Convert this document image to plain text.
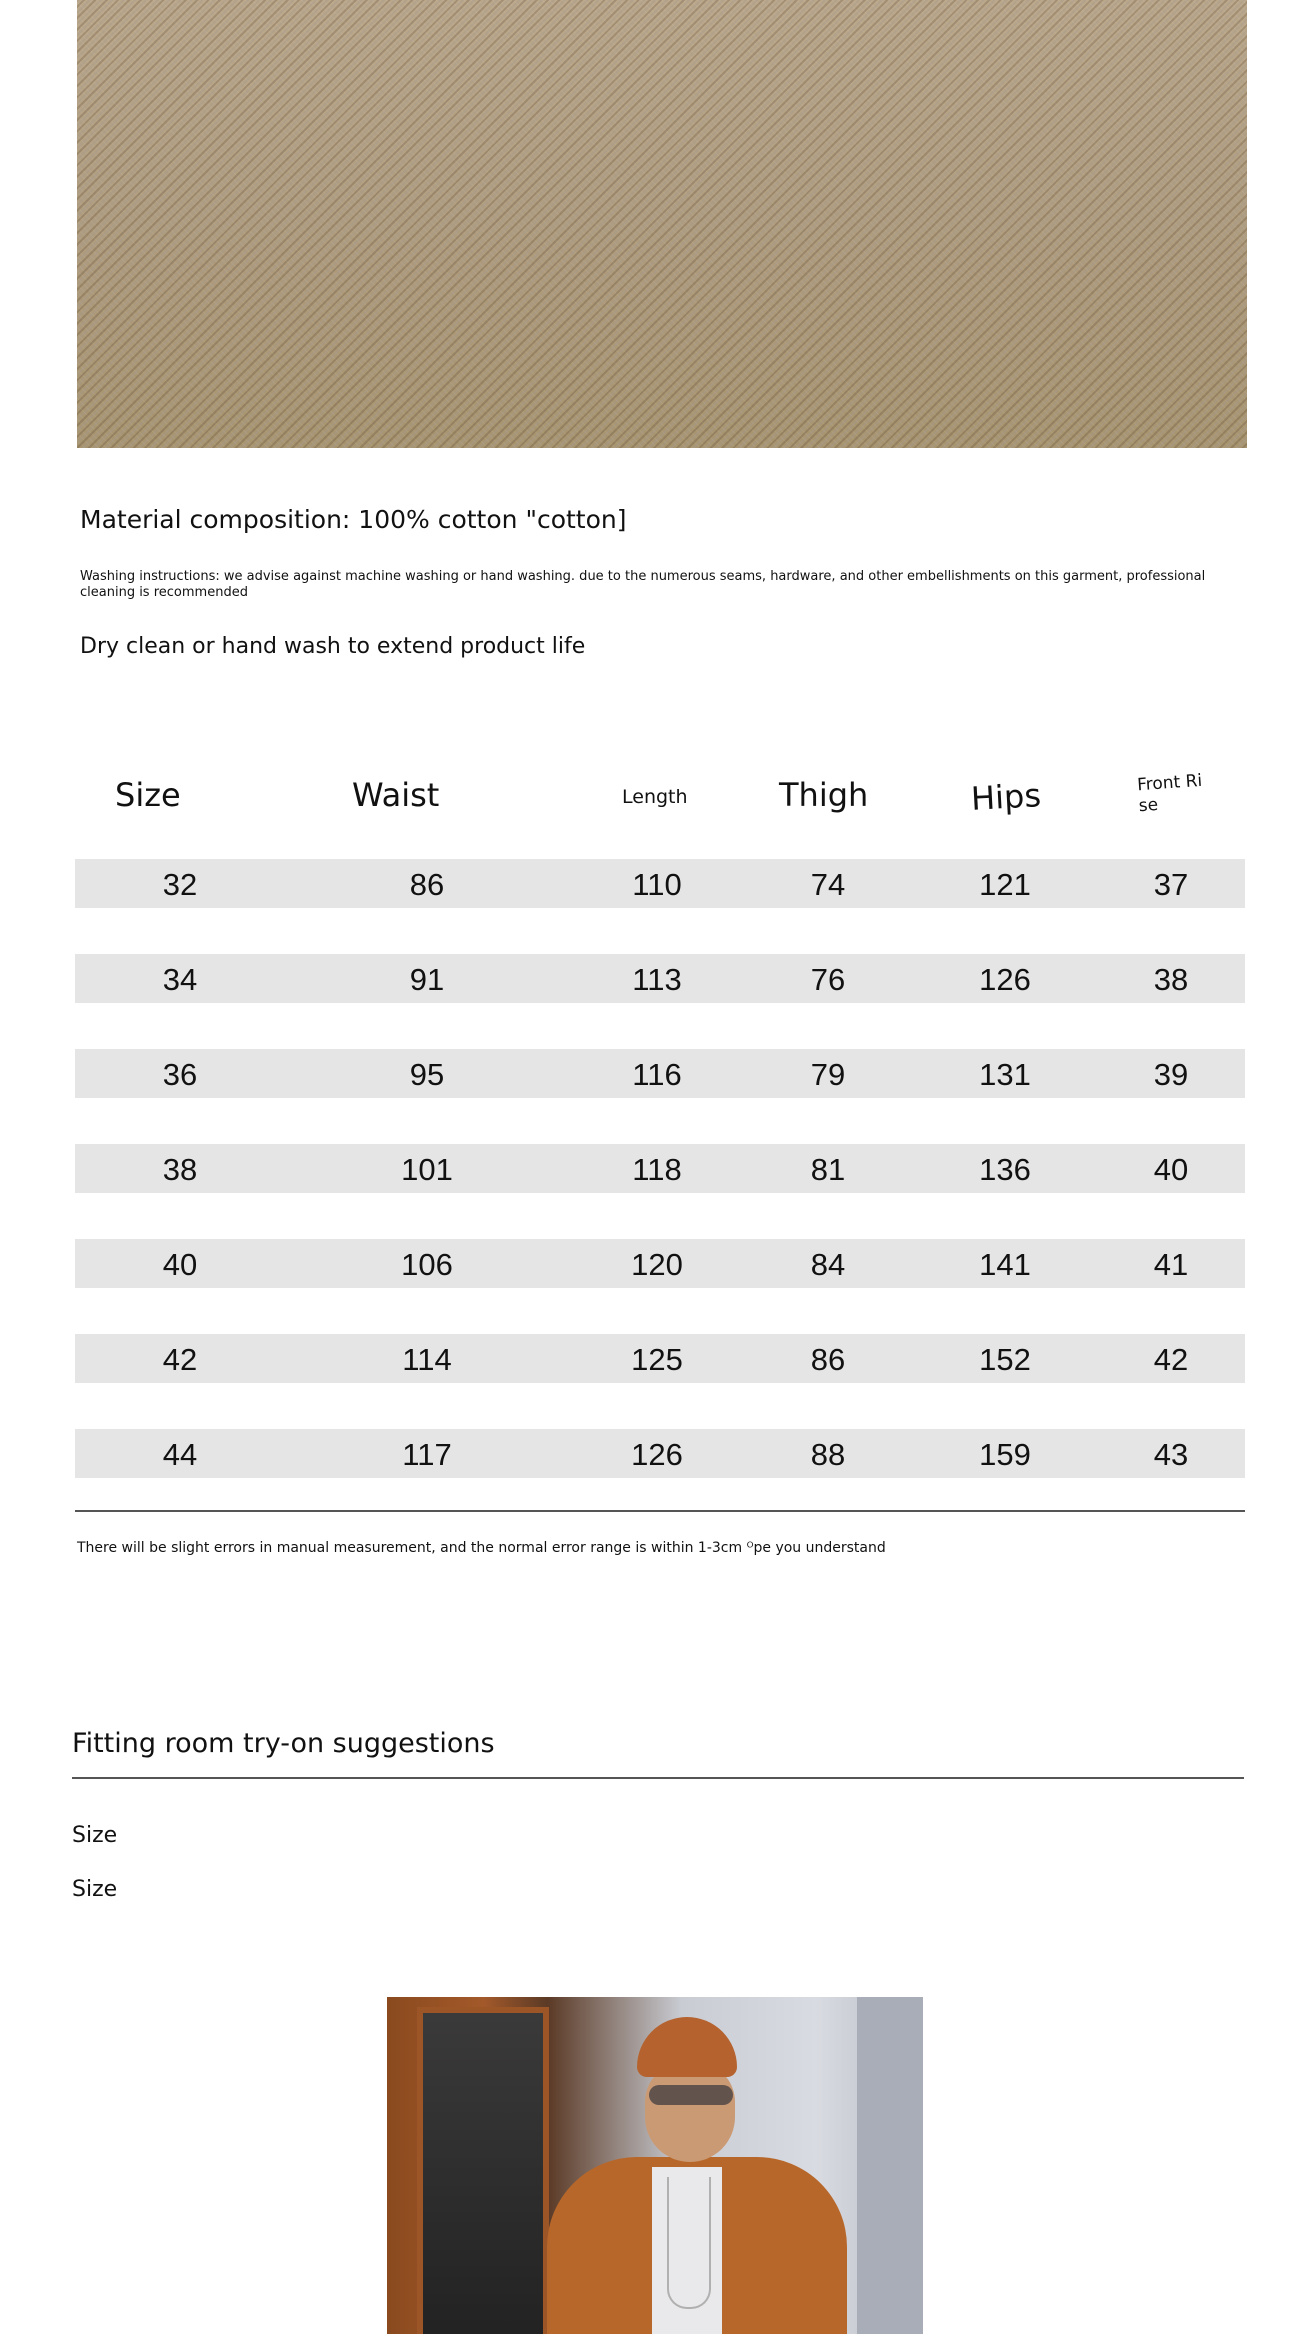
Material composition: 100% cotton "cotton]
Washing instructions: we advise against machine washing or hand washing. due to the numerous seams, hardware, and other embellishments on this garment, professional cleaning is recommended
Dry clean or hand wash to extend product life
Size	Waist	Length	Thigh	Hips	Front Rise
32	86	110	74	121	37
34	91	113	76	126	38
36	95	116	79	131	39
38	101	118	81	136	40
40	106	120	84	141	41
42	114	125	86	152	42
44	117	126	88	159	43
There will be slight errors in manual measurement, and the normal error range is within 1-3cm ᴼpe you understand
Fitting room try-on suggestions
Size
Size
